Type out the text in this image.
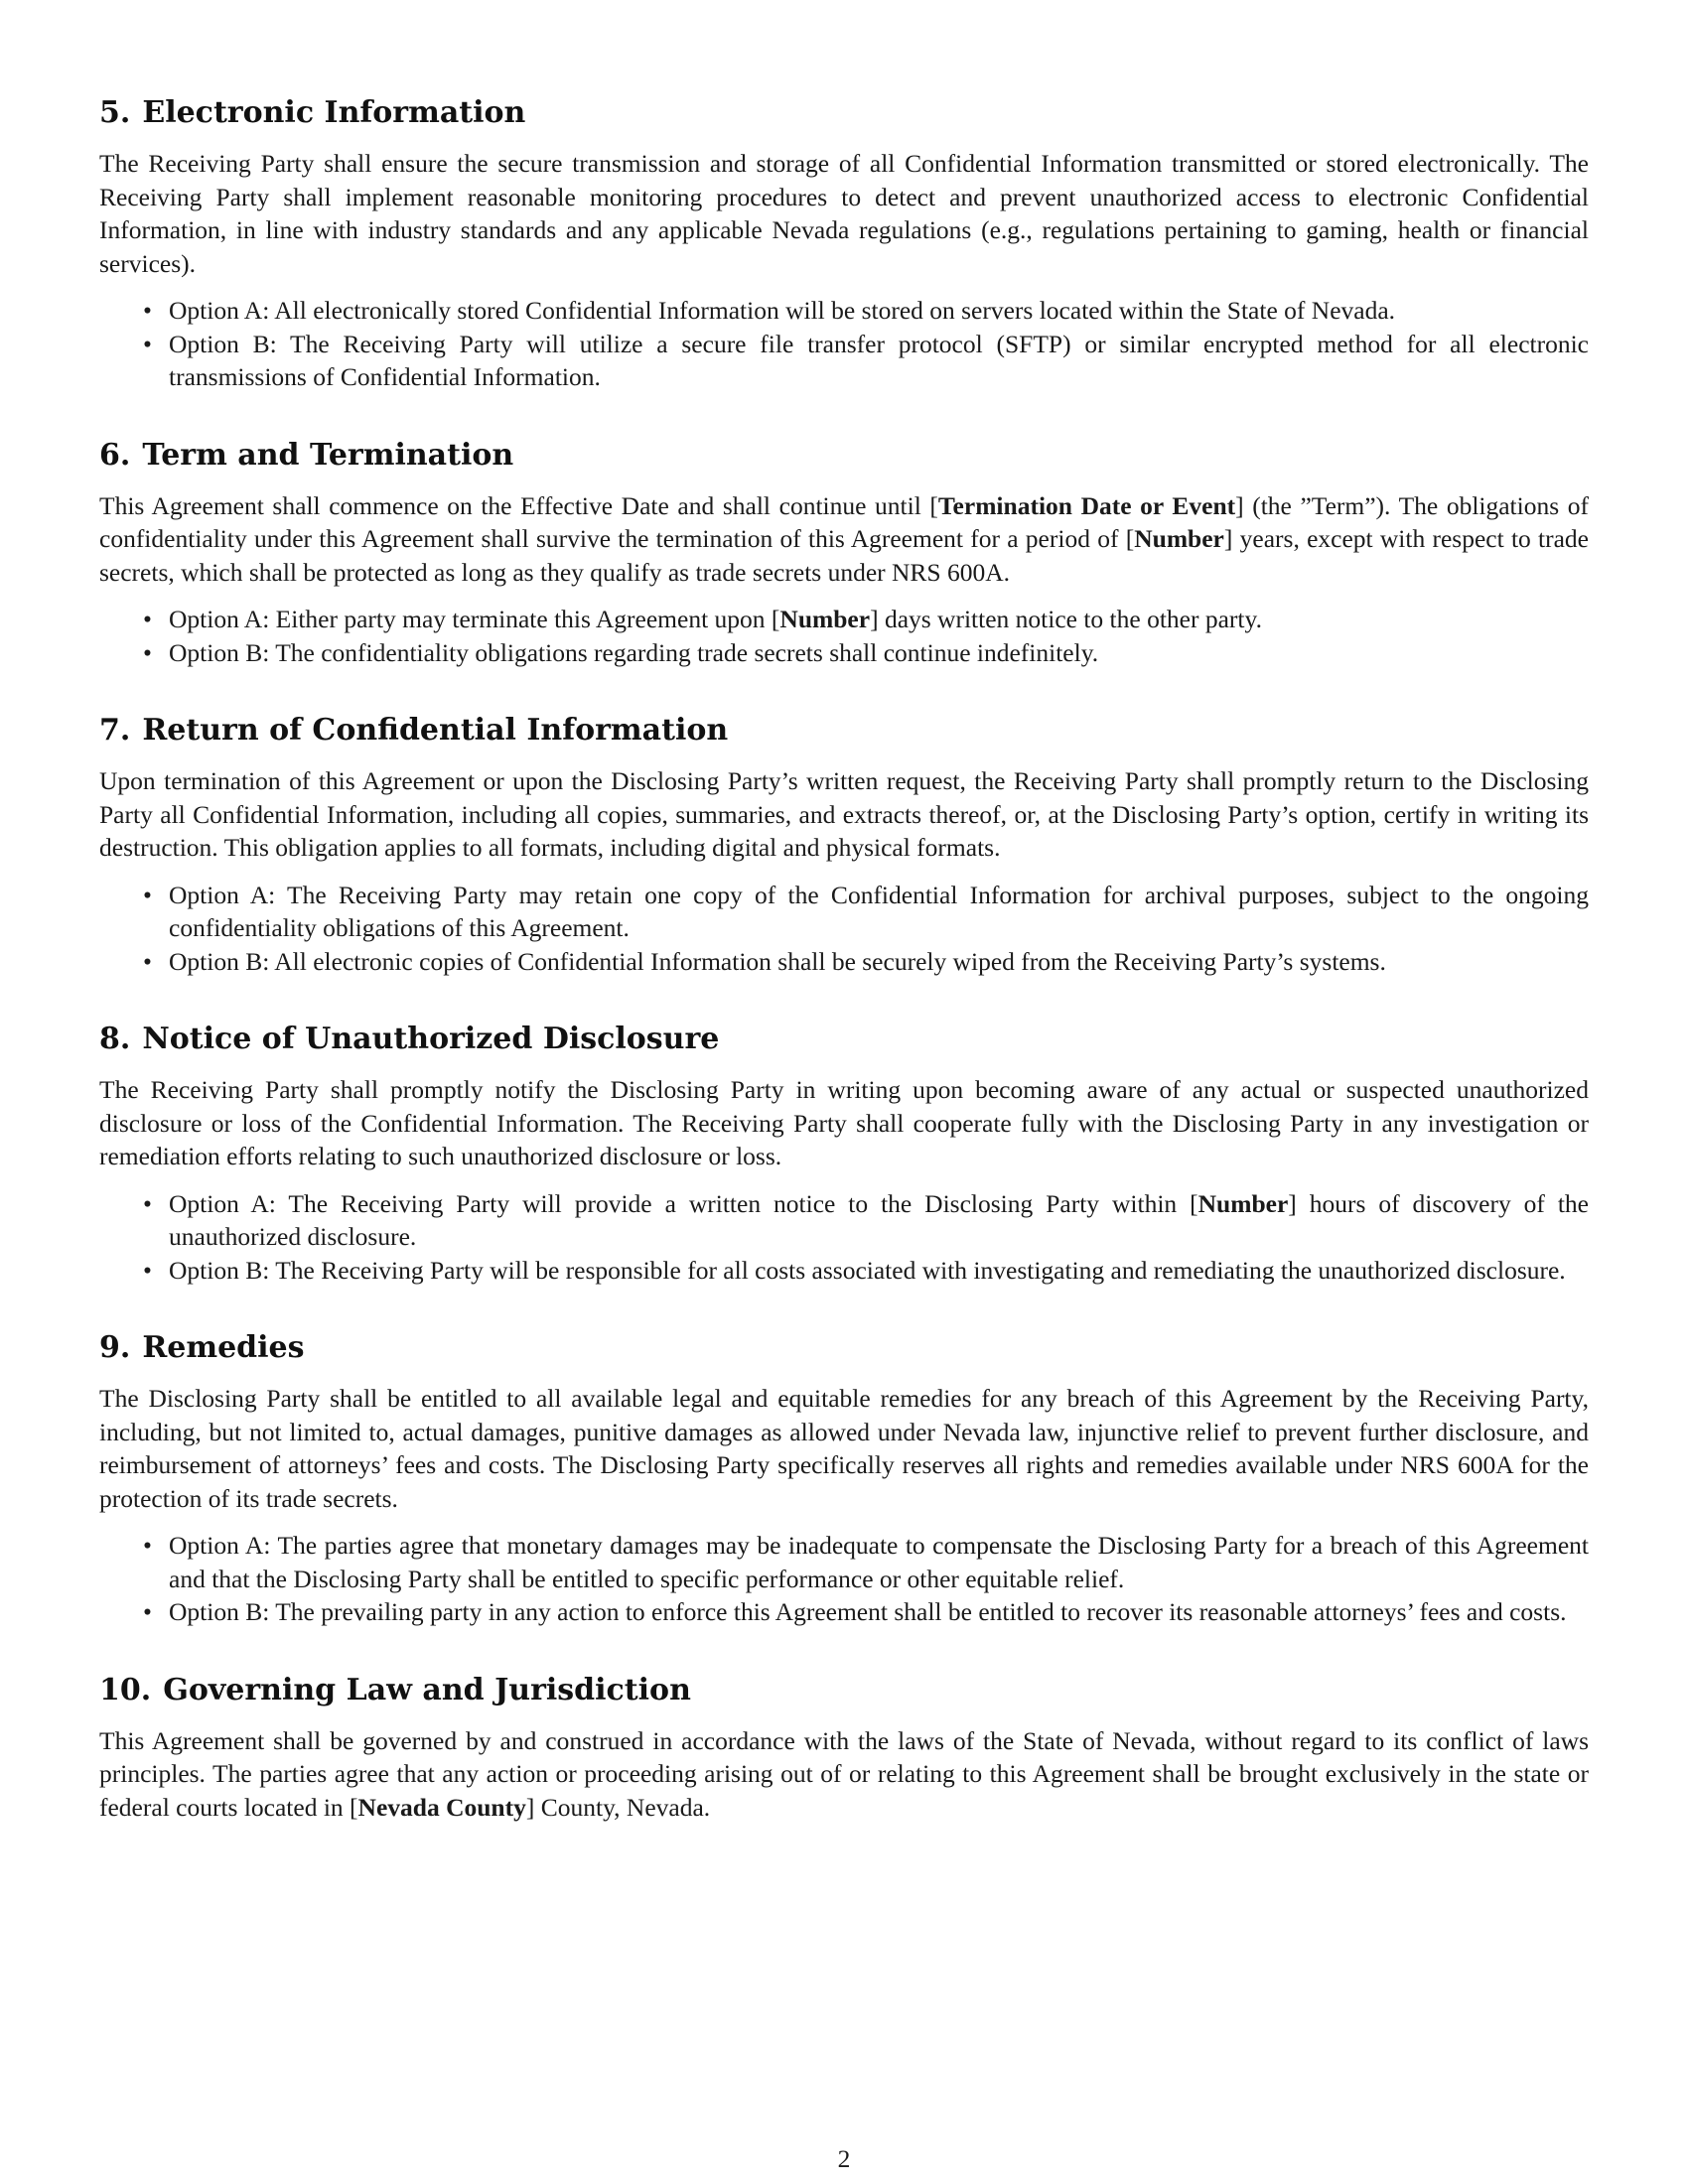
5. Electronic Information

The Receiving Party shall ensure the secure transmission and storage of all Confidential Information transmitted or stored electronically. The Receiving Party shall implement reasonable monitoring procedures to detect and prevent unauthorized access to electronic Confidential Information, in line with industry standards and any applicable Nevada regulations (e.g., regulations pertaining to gaming, health or financial services).

• Option A: All electronically stored Confidential Information will be stored on servers located within the State of Nevada.
• Option B: The Receiving Party will utilize a secure file transfer protocol (SFTP) or similar encrypted method for all electronic transmissions of Confidential Information.
6. Term and Termination

This Agreement shall commence on the Effective Date and shall continue until [Termination Date or Event] (the ”Term”). The obligations of confidentiality under this Agreement shall survive the termination of this Agreement for a period of [Number] years, except with respect to trade secrets, which shall be protected as long as they qualify as trade secrets under NRS 600A.

• Option A: Either party may terminate this Agreement upon [Number] days written notice to the other party.
• Option B: The confidentiality obligations regarding trade secrets shall continue indefinitely.
7. Return of Confidential Information

Upon termination of this Agreement or upon the Disclosing Party’s written request, the Receiving Party shall promptly return to the Disclosing Party all Confidential Information, including all copies, summaries, and extracts thereof, or, at the Disclosing Party’s option, certify in writing its destruction. This obligation applies to all formats, including digital and physical formats.

• Option A: The Receiving Party may retain one copy of the Confidential Information for archival purposes, subject to the ongoing confidentiality obligations of this Agreement.
• Option B: All electronic copies of Confidential Information shall be securely wiped from the Receiving Party’s systems.
8. Notice of Unauthorized Disclosure

The Receiving Party shall promptly notify the Disclosing Party in writing upon becoming aware of any actual or suspected unauthorized disclosure or loss of the Confidential Information. The Receiving Party shall cooperate fully with the Disclosing Party in any investigation or remediation efforts relating to such unauthorized disclosure or loss.

• Option A: The Receiving Party will provide a written notice to the Disclosing Party within [Number] hours of discovery of the unauthorized disclosure.
• Option B: The Receiving Party will be responsible for all costs associated with investigating and remediating the unauthorized disclosure.
9. Remedies

The Disclosing Party shall be entitled to all available legal and equitable remedies for any breach of this Agreement by the Receiving Party, including, but not limited to, actual damages, punitive damages as allowed under Nevada law, injunctive relief to prevent further disclosure, and reimbursement of attorneys’ fees and costs. The Disclosing Party specifically reserves all rights and remedies available under NRS 600A for the protection of its trade secrets.

• Option A: The parties agree that monetary damages may be inadequate to compensate the Disclosing Party for a breach of this Agreement and that the Disclosing Party shall be entitled to specific performance or other equitable relief.
• Option B: The prevailing party in any action to enforce this Agreement shall be entitled to recover its reasonable attorneys’ fees and costs.
10. Governing Law and Jurisdiction

This Agreement shall be governed by and construed in accordance with the laws of the State of Nevada, without regard to its conflict of laws principles. The parties agree that any action or proceeding arising out of or relating to this Agreement shall be brought exclusively in the state or federal courts located in [Nevada County] County, Nevada.

2
